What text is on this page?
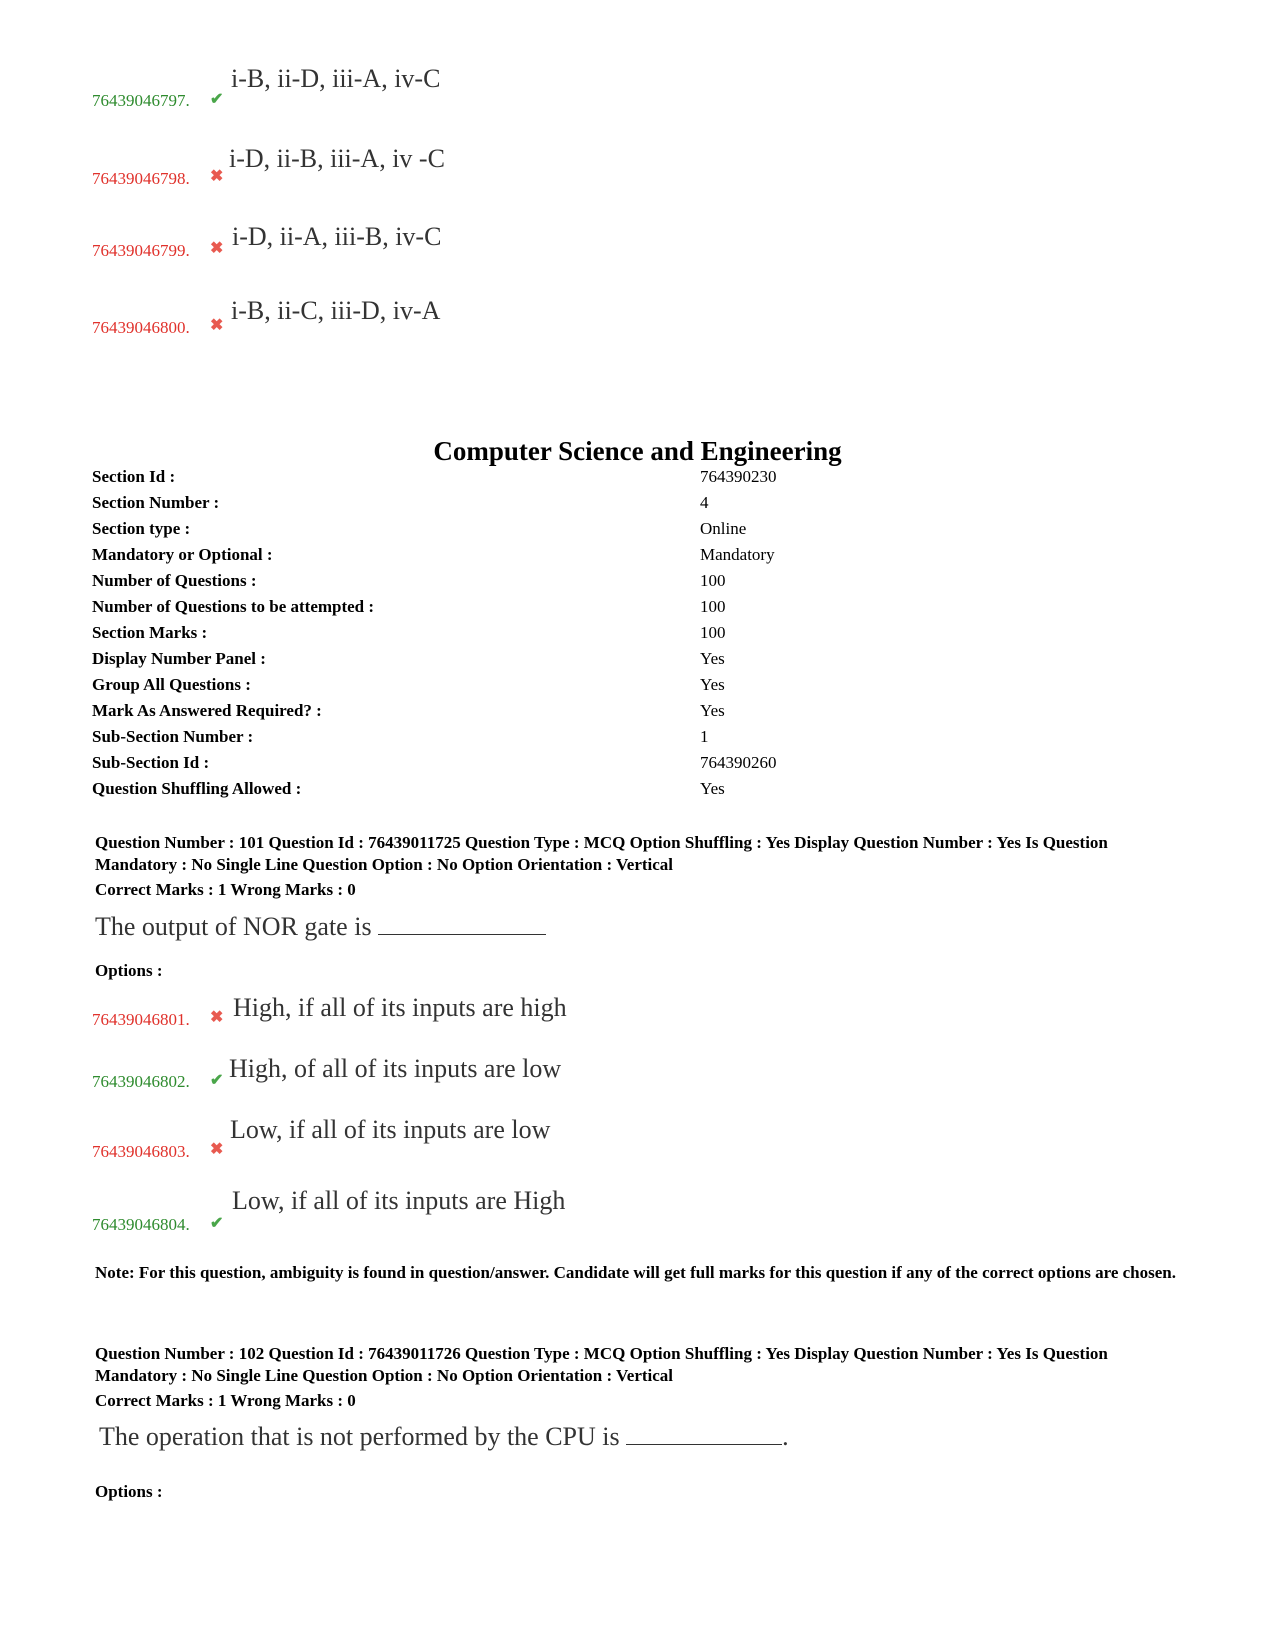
76439046797. ✔
i-B, ii-D, iii-A, iv-C
76439046798. ✖
i-D, ii-B, iii-A, iv -C
76439046799. ✖ i-D, ii-A, iii-B, iv-C
76439046800. ✖
i-B, ii-C, iii-D, iv-A
Computer Science and Engineering
Section Id :	764390230
Section Number :	4
Section type :	Online
Mandatory or Optional :	Mandatory
Number of Questions :	100
Number of Questions to be attempted :	100
Section Marks :	100
Display Number Panel :	Yes
Group All Questions :	Yes
Mark As Answered Required? :	Yes
Sub-Section Number :	1
Sub-Section Id :	764390260
Question Shuffling Allowed :	Yes
Question Number : 101 Question Id : 76439011725 Question Type : MCQ Option Shuffling : Yes Display Question Number : Yes Is Question Mandatory : No Single Line Question Option : No Option Orientation : Vertical
Correct Marks : 1 Wrong Marks : 0
The output of NOR gate is
Options :
76439046801. ✖ High, if all of its inputs are high
76439046802. ✔ High, of all of its inputs are low
76439046803. ✖
Low, if all of its inputs are low
76439046804. ✔
Low, if all of its inputs are High
Note: For this question, ambiguity is found in question/answer. Candidate will get full marks for this question if any of the correct options are chosen.
Question Number : 102 Question Id : 76439011726 Question Type : MCQ Option Shuffling : Yes Display Question Number : Yes Is Question Mandatory : No Single Line Question Option : No Option Orientation : Vertical
Correct Marks : 1 Wrong Marks : 0
The operation that is not performed by the CPU is	.
Options :
